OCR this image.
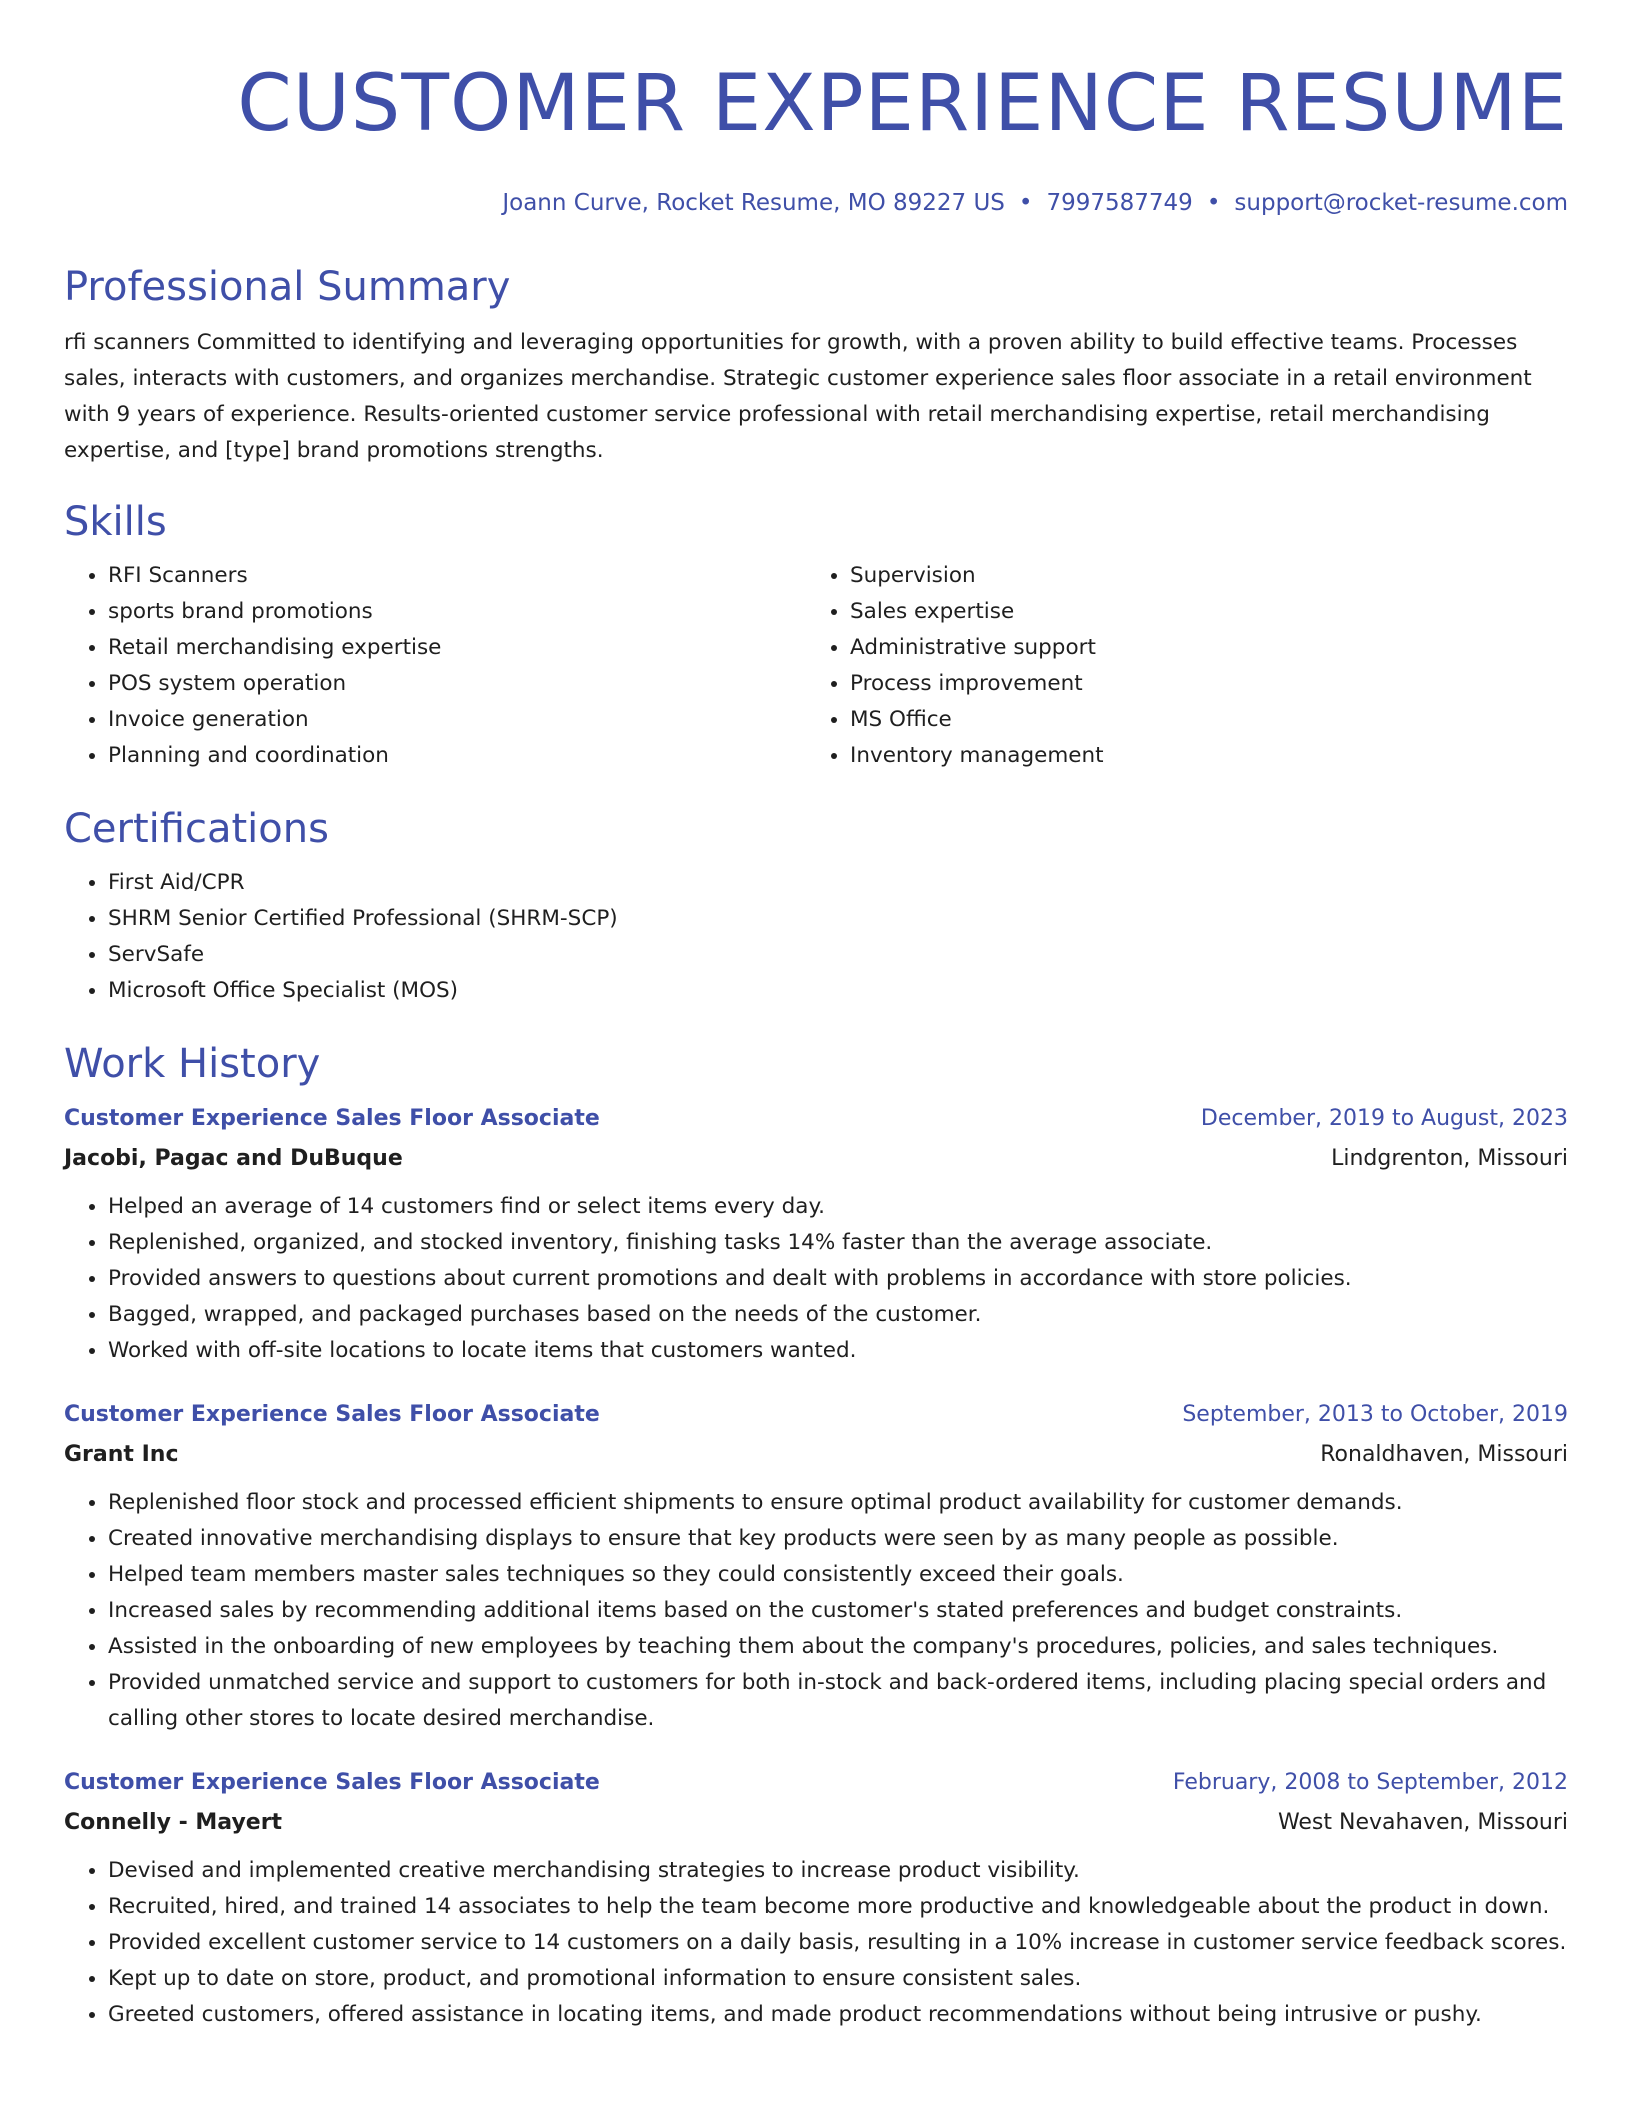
CUSTOMER EXPERIENCE RESUME
Joann Curve, Rocket Resume, MO 89227 US • 7997587749 • support@rocket-resume.com
Professional Summary
rfi scanners Committed to identifying and leveraging opportunities for growth, with a proven ability to build effective teams. Processes sales, interacts with customers, and organizes merchandise. Strategic customer experience sales floor associate in a retail environment with 9 years of experience. Results-oriented customer service professional with retail merchandising expertise, retail merchandising expertise, and [type] brand promotions strengths.
Skills
• RFI Scanners
• sports brand promotions
• Retail merchandising expertise
• POS system operation
• Invoice generation
• Planning and coordination
• Supervision
• Sales expertise
• Administrative support
• Process improvement
• MS Office
• Inventory management
Certifications
• First Aid/CPR
• SHRM Senior Certified Professional (SHRM-SCP)
• ServSafe
• Microsoft Office Specialist (MOS)
Work History
Customer Experience Sales Floor Associate	December, 2019 to August, 2023
Jacobi, Pagac and DuBuque	Lindgrenton, Missouri
• Helped an average of 14 customers find or select items every day.
• Replenished, organized, and stocked inventory, finishing tasks 14% faster than the average associate.
• Provided answers to questions about current promotions and dealt with problems in accordance with store policies.
• Bagged, wrapped, and packaged purchases based on the needs of the customer.
• Worked with off-site locations to locate items that customers wanted.
Customer Experience Sales Floor Associate	September, 2013 to October, 2019
Grant Inc	Ronaldhaven, Missouri
• Replenished floor stock and processed efficient shipments to ensure optimal product availability for customer demands.
• Created innovative merchandising displays to ensure that key products were seen by as many people as possible.
• Helped team members master sales techniques so they could consistently exceed their goals.
• Increased sales by recommending additional items based on the customer's stated preferences and budget constraints.
• Assisted in the onboarding of new employees by teaching them about the company's procedures, policies, and sales techniques.
• Provided unmatched service and support to customers for both in-stock and back-ordered items, including placing special orders and calling other stores to locate desired merchandise.
Customer Experience Sales Floor Associate	February, 2008 to September, 2012
Connelly - Mayert	West Nevahaven, Missouri
• Devised and implemented creative merchandising strategies to increase product visibility.
• Recruited, hired, and trained 14 associates to help the team become more productive and knowledgeable about the product in down.
• Provided excellent customer service to 14 customers on a daily basis, resulting in a 10% increase in customer service feedback scores.
• Kept up to date on store, product, and promotional information to ensure consistent sales.
• Greeted customers, offered assistance in locating items, and made product recommendations without being intrusive or pushy.
